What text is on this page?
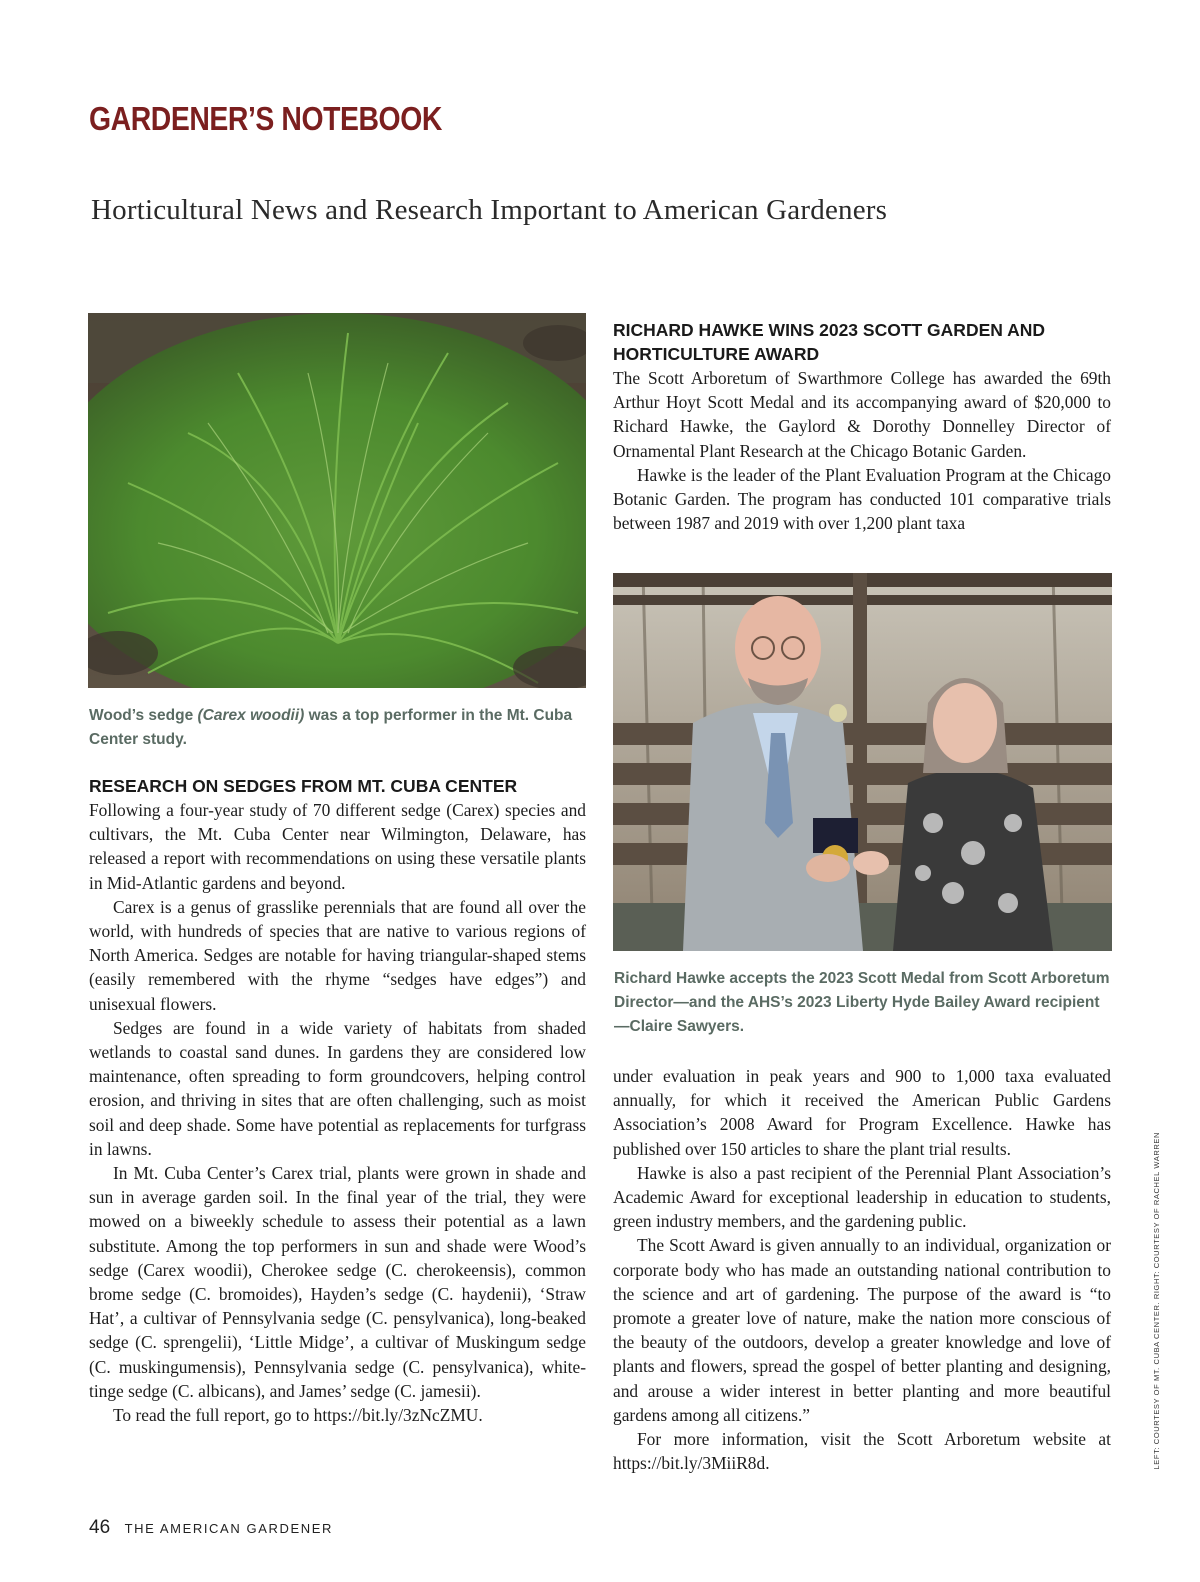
GARDENER’S NOTEBOOK
Horticultural News and Research Important to American Gardeners

Wood’s sedge (Carex woodii) was a top performer in the Mt. Cuba Center study.

RESEARCH ON SEDGES FROM MT. CUBA CENTER

Following a four-year study of 70 different sedge (Carex) species and cultivars, the Mt. Cuba Center near Wilmington, Delaware, has released a report with recommendations on using these versatile plants in Mid-Atlantic gardens and beyond.

Carex is a genus of grasslike perennials that are found all over the world, with hundreds of species that are native to various regions of North America. Sedges are notable for having triangular-shaped stems (easily remembered with the rhyme “sedges have edges”) and unisexual flowers.

Sedges are found in a wide variety of habitats from shaded wetlands to coastal sand dunes. In gardens they are considered low maintenance, often spreading to form groundcovers, helping control erosion, and thriving in sites that are often challenging, such as moist soil and deep shade. Some have potential as replacements for turfgrass in lawns.

In Mt. Cuba Center’s Carex trial, plants were grown in shade and sun in average garden soil. In the final year of the trial, they were mowed on a biweekly schedule to assess their potential as a lawn substitute. Among the top performers in sun and shade were Wood’s sedge (Carex woodii), Cherokee sedge (C. cherokeensis), common brome sedge (C. bromoides), Hayden’s sedge (C. haydenii), ‘Straw Hat’, a cultivar of Pennsylvania sedge (C. pensylvanica), long-beaked sedge (C. sprengelii), ‘Little Midge’, a cultivar of Muskingum sedge (C. muskingumensis), Pennsylvania sedge (C. pensylvanica), white-tinge sedge (C. albicans), and James’ sedge (C. jamesii).

To read the full report, go to https://bit.ly/3zNcZMU.

RICHARD HAWKE WINS 2023 SCOTT GARDEN AND
HORTICULTURE AWARD

The Scott Arboretum of Swarthmore College has awarded the 69th Arthur Hoyt Scott Medal and its accompanying award of $20,000 to Richard Hawke, the Gaylord & Dorothy Donnelley Director of Ornamental Plant Research at the Chicago Botanic Garden.

Hawke is the leader of the Plant Evaluation Program at the Chicago Botanic Garden. The program has conducted 101 comparative trials between 1987 and 2019 with over 1,200 plant taxa

Richard Hawke accepts the 2023 Scott Medal from Scott Arboretum Director—and the AHS’s 2023 Liberty Hyde Bailey Award recipient—Claire Sawyers.

under evaluation in peak years and 900 to 1,000 taxa evaluated annually, for which it received the American Public Gardens Association’s 2008 Award for Program Excellence. Hawke has published over 150 articles to share the plant trial results.

Hawke is also a past recipient of the Perennial Plant Association’s Academic Award for exceptional leadership in education to students, green industry members, and the gardening public.

The Scott Award is given annually to an individual, organization or corporate body who has made an outstanding national contribution to the science and art of gardening. The purpose of the award is “to promote a greater love of nature, make the nation more conscious of the beauty of the outdoors, develop a greater knowledge and love of plants and flowers, spread the gospel of better planting and designing, and arouse a wider interest in better planting and more beautiful gardens among all citizens.”

For more information, visit the Scott Arboretum website at https://bit.ly/3MiiR8d.

46 THE AMERICAN GARDENER
LEFT: COURTESY OF MT. CUBA CENTER. RIGHT: COURTESY OF RACHEL WARREN
